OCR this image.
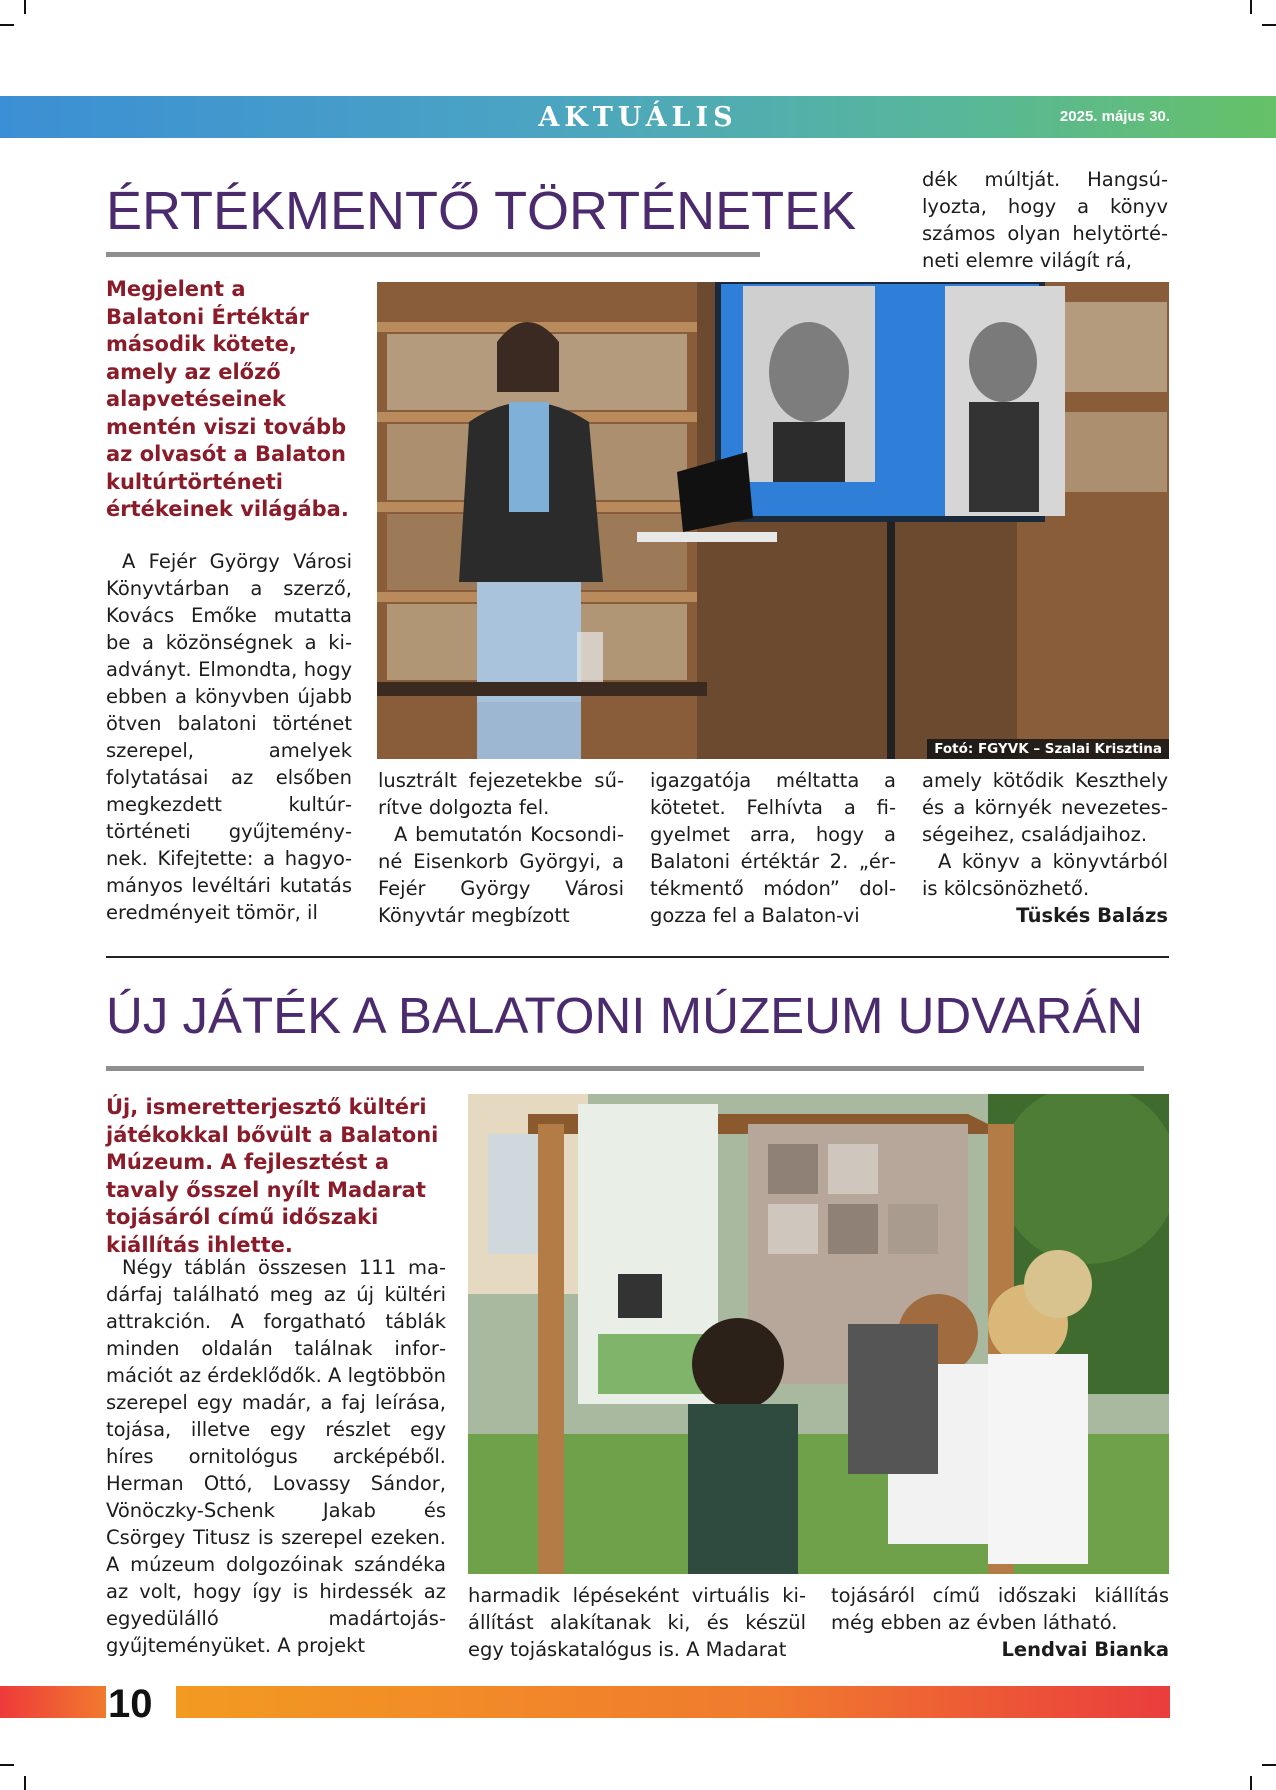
AKTUÁLIS	2025. május 30.
ÉRTÉKMENTŐ TÖRTÉNETEK

dék múltját. Hangsúlyozta, hogy a könyv számos olyan helytörténeti elemre világít rá,

Megjelent a Balatoni Értéktár második kötete, amely az előző alapvetéseinek mentén viszi tovább az olvasót a Balaton kultúrtörténeti értékeinek világába.
Fotó: FGYVK – Szalai Krisztina

A Fejér György Városi Könyvtárban a szerző, Kovács Emőke mutatta be a közönségnek a kiadványt. Elmondta, hogy ebben a könyvben újabb ötven balatoni történet szerepel, amelyek folytatásai az elsőben megkezdett kultúrtörténeti gyűjteménynek. Kifejtette: a hagyományos levéltári kutatás eredményeit tömör, il

lusztrált fejezetekbe sűrítve dolgozta fel.

A bemutatón Kocsondiné Eisenkorb Györgyi, a Fejér György Városi Könyvtár megbízott

igazgatója méltatta a kötetet. Felhívta a figyelmet arra, hogy a Balatoni értéktár 2. „értékmentő módon” dolgozza fel a Balaton-vi

amely kötődik Keszthely és a környék nevezetességeihez, családjaihoz.

A könyv a könyvtárból is kölcsönözhető.

Tüskés Balázs

ÚJ JÁTÉK A BALATONI MÚZEUM UDVARÁN
Új, ismeretterjesztő kültéri játékokkal bővült a Balatoni Múzeum. A fejlesztést a tavaly ősszel nyílt Madarat tojásáról című időszaki kiállítás ihlette.

Négy táblán összesen 111 madárfaj található meg az új kültéri attrakción. A forgatható táblák minden oldalán találnak információt az érdeklődők. A legtöbbön szerepel egy madár, a faj leírása, tojása, illetve egy részlet egy híres ornitológus arcképéből. Herman Ottó, Lovassy Sándor, Vönöczky-Schenk Jakab és Csörgey Titusz is szerepel ezeken. A múzeum dolgozóinak szándéka az volt, hogy így is hirdessék az egyedülálló madártojás-gyűjteményüket. A projekt

harmadik lépéseként virtuális kiállítást alakítanak ki, és készül egy tojáskatalógus is. A Madarat

tojásáról című időszaki kiállítás még ebben az évben látható.

Lendvai Bianka

10
